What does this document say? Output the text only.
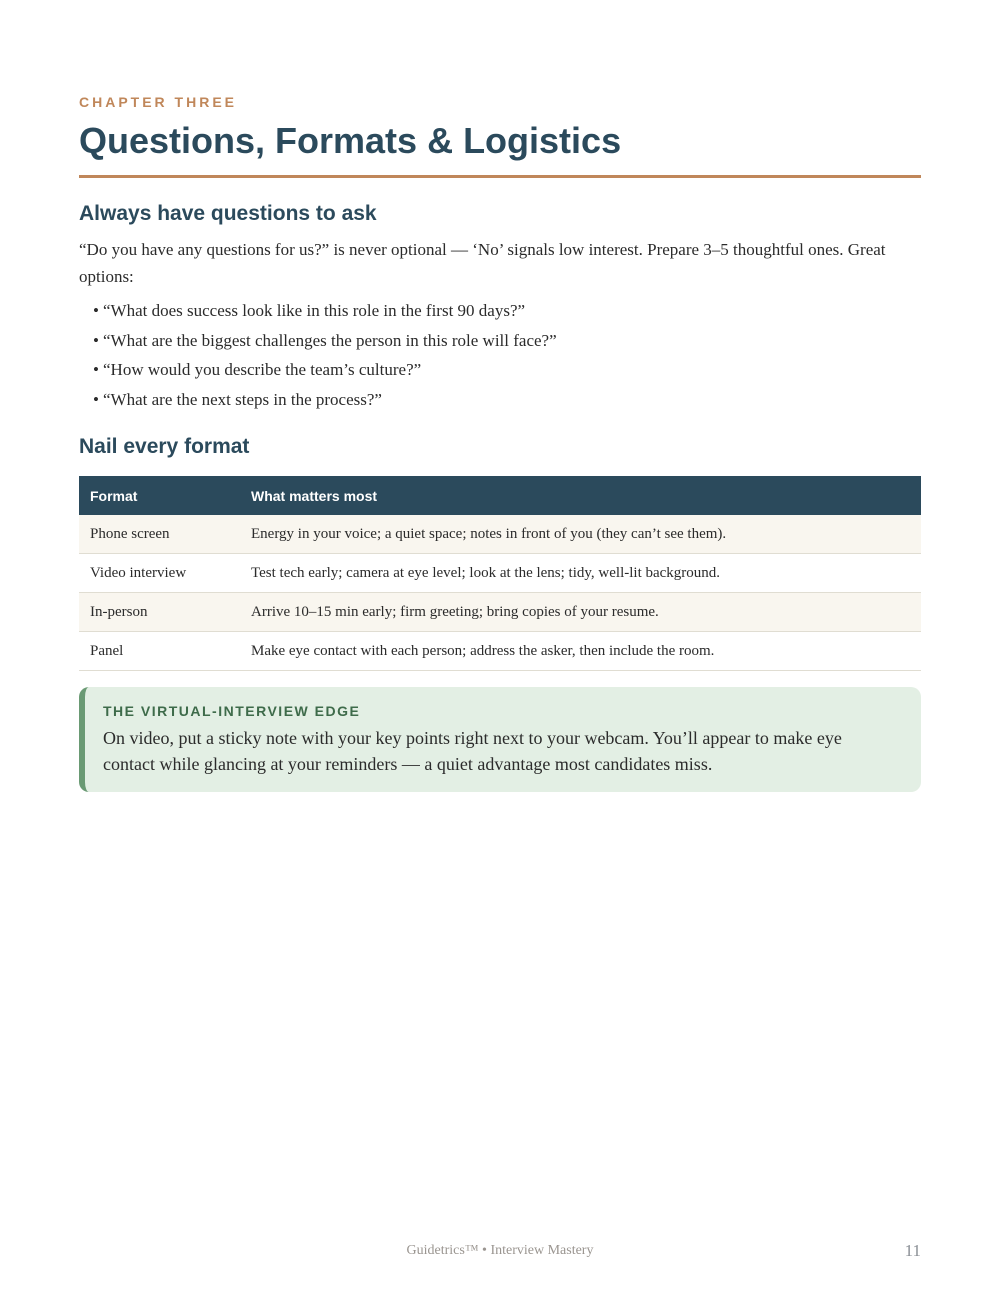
CHAPTER THREE
Questions, Formats & Logistics
Always have questions to ask

“Do you have any questions for us?” is never optional — ‘No’ signals low interest. Prepare 3–5 thoughtful ones. Great options:

• “What does success look like in this role in the first 90 days?”
• “What are the biggest challenges the person in this role will face?”
• “How would you describe the team’s culture?”
• “What are the next steps in the process?”
Nail every format
Format	What matters most
Phone screen	Energy in your voice; a quiet space; notes in front of you (they can’t see them).
Video interview	Test tech early; camera at eye level; look at the lens; tidy, well-lit background.
In-person	Arrive 10–15 min early; firm greeting; bring copies of your resume.
Panel	Make eye contact with each person; address the asker, then include the room.
THE VIRTUAL-INTERVIEW EDGE
On video, put a sticky note with your key points right next to your webcam. You’ll appear to make eye contact while glancing at your reminders — a quiet advantage most candidates miss.
Guidetrics™ • Interview Mastery	11
